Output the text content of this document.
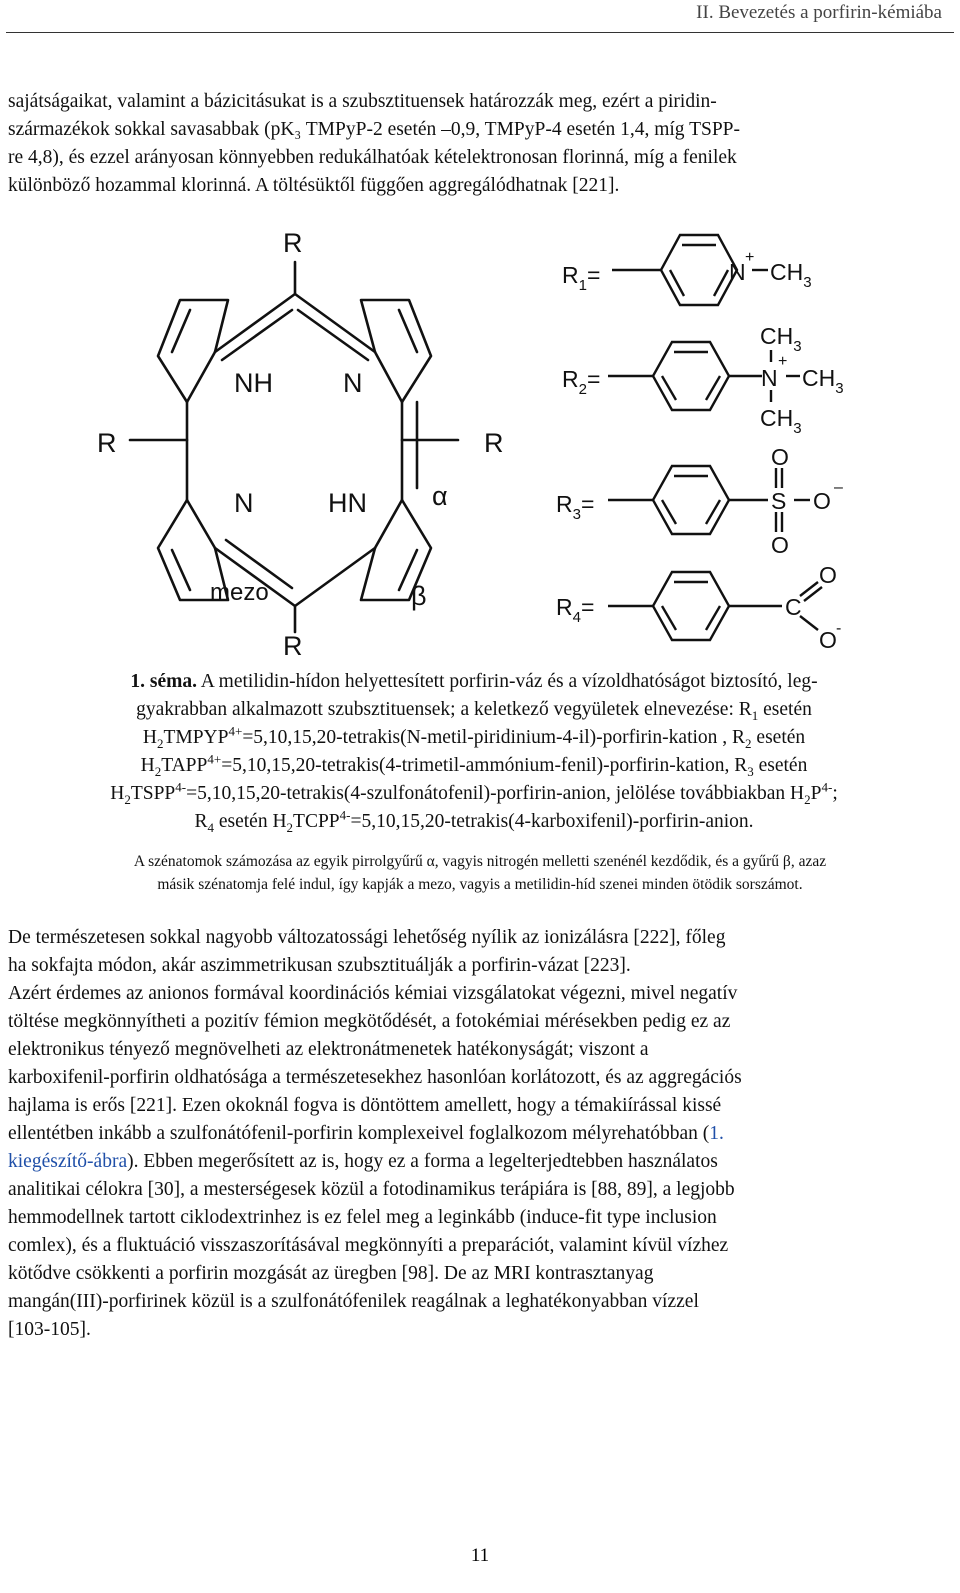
II. Bevezetés a porfirin-kémiába
sajátságaikat, valamint a bázicitásukat is a szubsztituensek határozzák meg, ezért a piridin-
származékok sokkal savasabbak (pK₃ TMPyP-2 esetén –0,9, TMPyP-4 esetén 1,4, míg TSPP-
re 4,8), és ezzel arányosan könnyebben redukálhatóak kételektronosan florinná, míg a fenilek
különböző hozammal klorinná. A töltésüktől függően aggregálódhatnak [221].
R
R	R
R
NH	N
N	HN α
β
mezo
$R_1=$	N
+
$CH_3$
$R_2=$
$CH_3$
+
N $CH_3$
$CH_3$
$R_3=$
O
S O
–
O
$R_4=$
O
C
O -
1. séma. A metilidin-hídon helyettesített porfirin-váz és a vízoldhatóságot biztosító, leg-
gyakrabban alkalmazott szubsztituensek; a keletkező vegyületek elnevezése: $R_1$ esetén
$H_2TMPYP^{4+}=5,10,15,20-tetrakis(N-metil-piridinium-4-il)-porfirin$-kation , $R_2$ esetén
$H_2TAPP^{4+}=5,10,15,20-tetrakis(4-trimetil-ammónium-fenil)-porfirin$-kation, $R_3$ esetén
$H_2TSPP^{4-}=5,10,15,20-tetrakis(4-szulfonátofenil)-porfirin$-anion, jelölése továbbiakban $H_2P^{4-}$;
$R_4$ esetén $H_2TCPP^{4-}=5,10,15,20-tetrakis(4-karboxifenil)-porfirin$-anion.
A szénatomok számozása az egyik pirrolgyűrű α, vagyis nitrogén melletti szenénél kezdődik, és a gyűrű β, azaz
másik szénatomja felé indul, így kapják a mezo, vagyis a metilidin-híd szenei minden ötödik sorszámot.
De természetesen sokkal nagyobb változatossági lehetőség nyílik az ionizálásra [222], főleg
ha sokfajta módon, akár aszimmetrikusan szubsztituálják a porfirin-vázat [223].
Azért érdemes az anionos formával koordinációs kémiai vizsgálatokat végezni, mivel negatív
töltése megkönnyítheti a pozitív fémion megkötődését, a fotokémiai mérésekben pedig ez az
elektronikus tényező megnövelheti az elektronátmenetek hatékonyságát; viszont a
karboxifenil-porfirin oldhatósága a természetesekhez hasonlóan korlátozott, és az aggregációs
hajlama is erős [221]. Ezen okoknál fogva is döntöttem amellett, hogy a témakiírással kissé
ellentétben inkább a szulfonátófenil-porfirin komplexeivel foglalkozom mélyrehatóbban (1.
kiegészítő-ábra). Ebben megerősített az is, hogy ez a forma a legelterjedtebben használatos
analitikai célokra [30], a mesterségesek közül a fotodinamikus terápiára is [88, 89], a legjobb
hemmodellnek tartott ciklodextrinhez is ez felel meg a leginkább (induce-fit type inclusion
comlex), és a fluktuáció visszaszorításával megkönnyíti a preparációt, valamint kívül vízhez
kötődve csökkenti a porfirin mozgását az üregben [98]. De az MRI kontrasztanyag
mangán(III)-porfirinek közül is a szulfonátófenilek reagálnak a leghatékonyabban vízzel
[103-105].
11
